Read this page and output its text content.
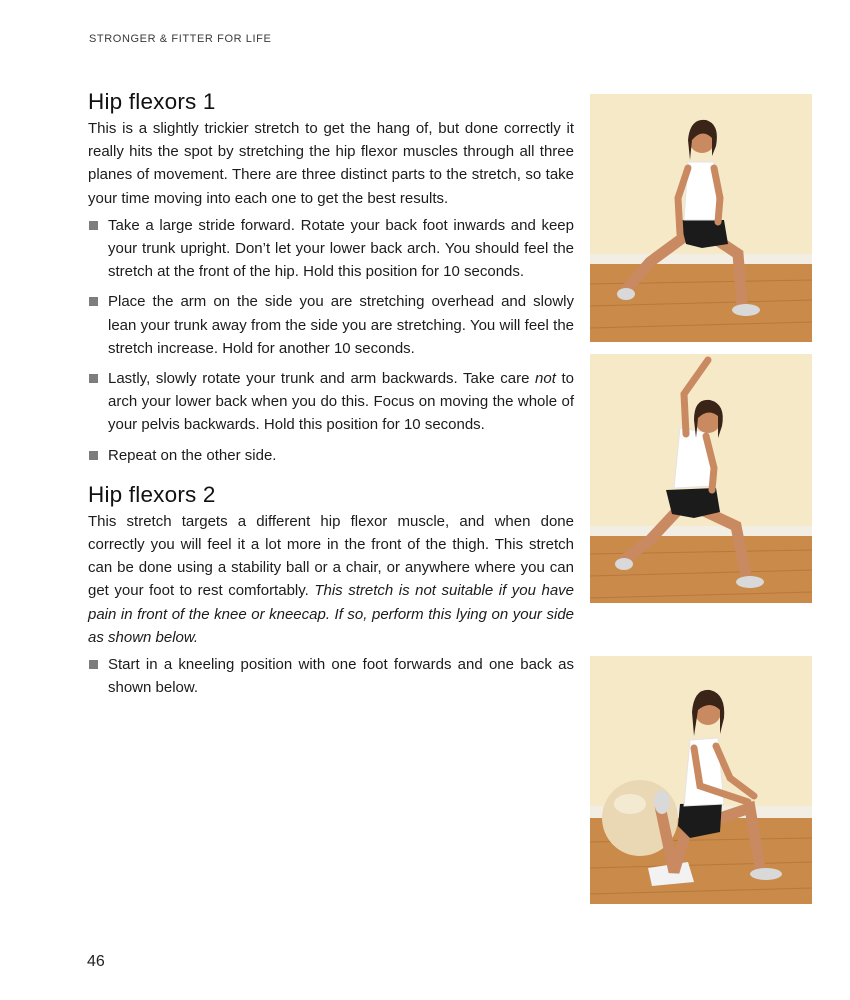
STRONGER & FITTER FOR LIFE
Hip flexors 1

This is a slightly trickier stretch to get the hang of, but done correctly it really hits the spot by stretching the hip flexor muscles through all three planes of movement. There are three distinct parts to the stretch, so take your time moving into each one to get the best results.

Take a large stride forward. Rotate your back foot inwards and keep your trunk upright. Don’t let your lower back arch. You should feel the stretch at the front of the hip. Hold this position for 10 seconds.
Place the arm on the side you are stretching overhead and slowly lean your trunk away from the side you are stretching. You will feel the stretch increase. Hold for another 10 seconds.
Lastly, slowly rotate your trunk and arm backwards. Take care not to arch your lower back when you do this. Focus on moving the whole of your pelvis backwards. Hold this position for 10 seconds.
Repeat on the other side.
Hip flexors 2

This stretch targets a different hip flexor muscle, and when done correctly you will feel it a lot more in the front of the thigh. This stretch can be done using a stability ball or a chair, or anywhere where you can get your foot to rest comfortably. This stretch is not suitable if you have pain in front of the knee or kneecap. If so, perform this lying on your side as shown below.

Start in a kneeling position with one foot forwards and one back as shown below.
46
